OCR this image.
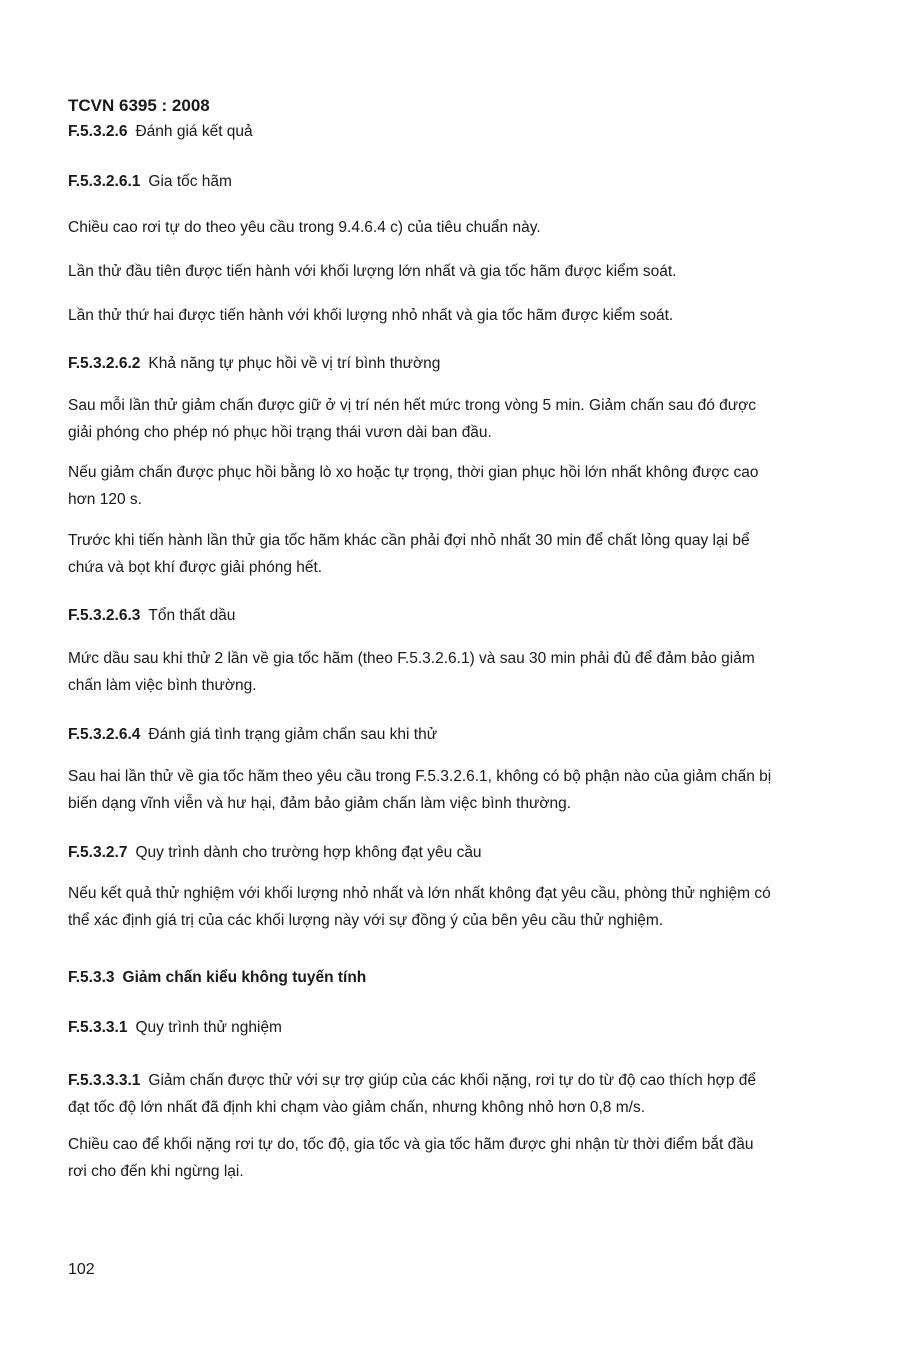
TCVN 6395 : 2008
F.5.3.2.6 Đánh giá kết quả
F.5.3.2.6.1 Gia tốc hãm
Chiều cao rơi tự do theo yêu cầu trong 9.4.6.4 c) của tiêu chuẩn này.
Lần thử đầu tiên được tiến hành với khối lượng lớn nhất và gia tốc hãm được kiểm soát.
Lần thử thứ hai được tiến hành với khối lượng nhỏ nhất và gia tốc hãm được kiểm soát.
F.5.3.2.6.2 Khả năng tự phục hồi về vị trí bình thường
Sau mỗi lần thử giảm chấn được giữ ở vị trí nén hết mức trong vòng 5 min. Giảm chấn sau đó được
giải phóng cho phép nó phục hồi trạng thái vươn dài ban đầu.
Nếu giảm chấn được phục hồi bằng lò xo hoặc tự trọng, thời gian phục hồi lớn nhất không được cao
hơn 120 s.
Trước khi tiến hành lần thử gia tốc hãm khác cần phải đợi nhỏ nhất 30 min để chất lỏng quay lại bể
chứa và bọt khí được giải phóng hết.
F.5.3.2.6.3 Tổn thất dầu
Mức dầu sau khi thử 2 lần về gia tốc hãm (theo F.5.3.2.6.1) và sau 30 min phải đủ để đảm bảo giảm
chấn làm việc bình thường.
F.5.3.2.6.4 Đánh giá tình trạng giảm chấn sau khi thử
Sau hai lần thử về gia tốc hãm theo yêu cầu trong F.5.3.2.6.1, không có bộ phận nào của giảm chấn bị
biến dạng vĩnh viễn và hư hại, đảm bảo giảm chấn làm việc bình thường.
F.5.3.2.7 Quy trình dành cho trường hợp không đạt yêu cầu
Nếu kết quả thử nghiệm với khối lượng nhỏ nhất và lớn nhất không đạt yêu cầu, phòng thử nghiệm có
thể xác định giá trị của các khối lượng này với sự đồng ý của bên yêu cầu thử nghiệm.
F.5.3.3 Giảm chấn kiểu không tuyến tính
F.5.3.3.1 Quy trình thử nghiệm
F.5.3.3.3.1 Giảm chấn được thử với sự trợ giúp của các khối nặng, rơi tự do từ độ cao thích hợp để
đạt tốc độ lớn nhất đã định khi chạm vào giảm chấn, nhưng không nhỏ hơn 0,8 m/s.
Chiều cao để khối nặng rơi tự do, tốc độ, gia tốc và gia tốc hãm được ghi nhận từ thời điểm bắt đầu
rơi cho đến khi ngừng lại.
102
